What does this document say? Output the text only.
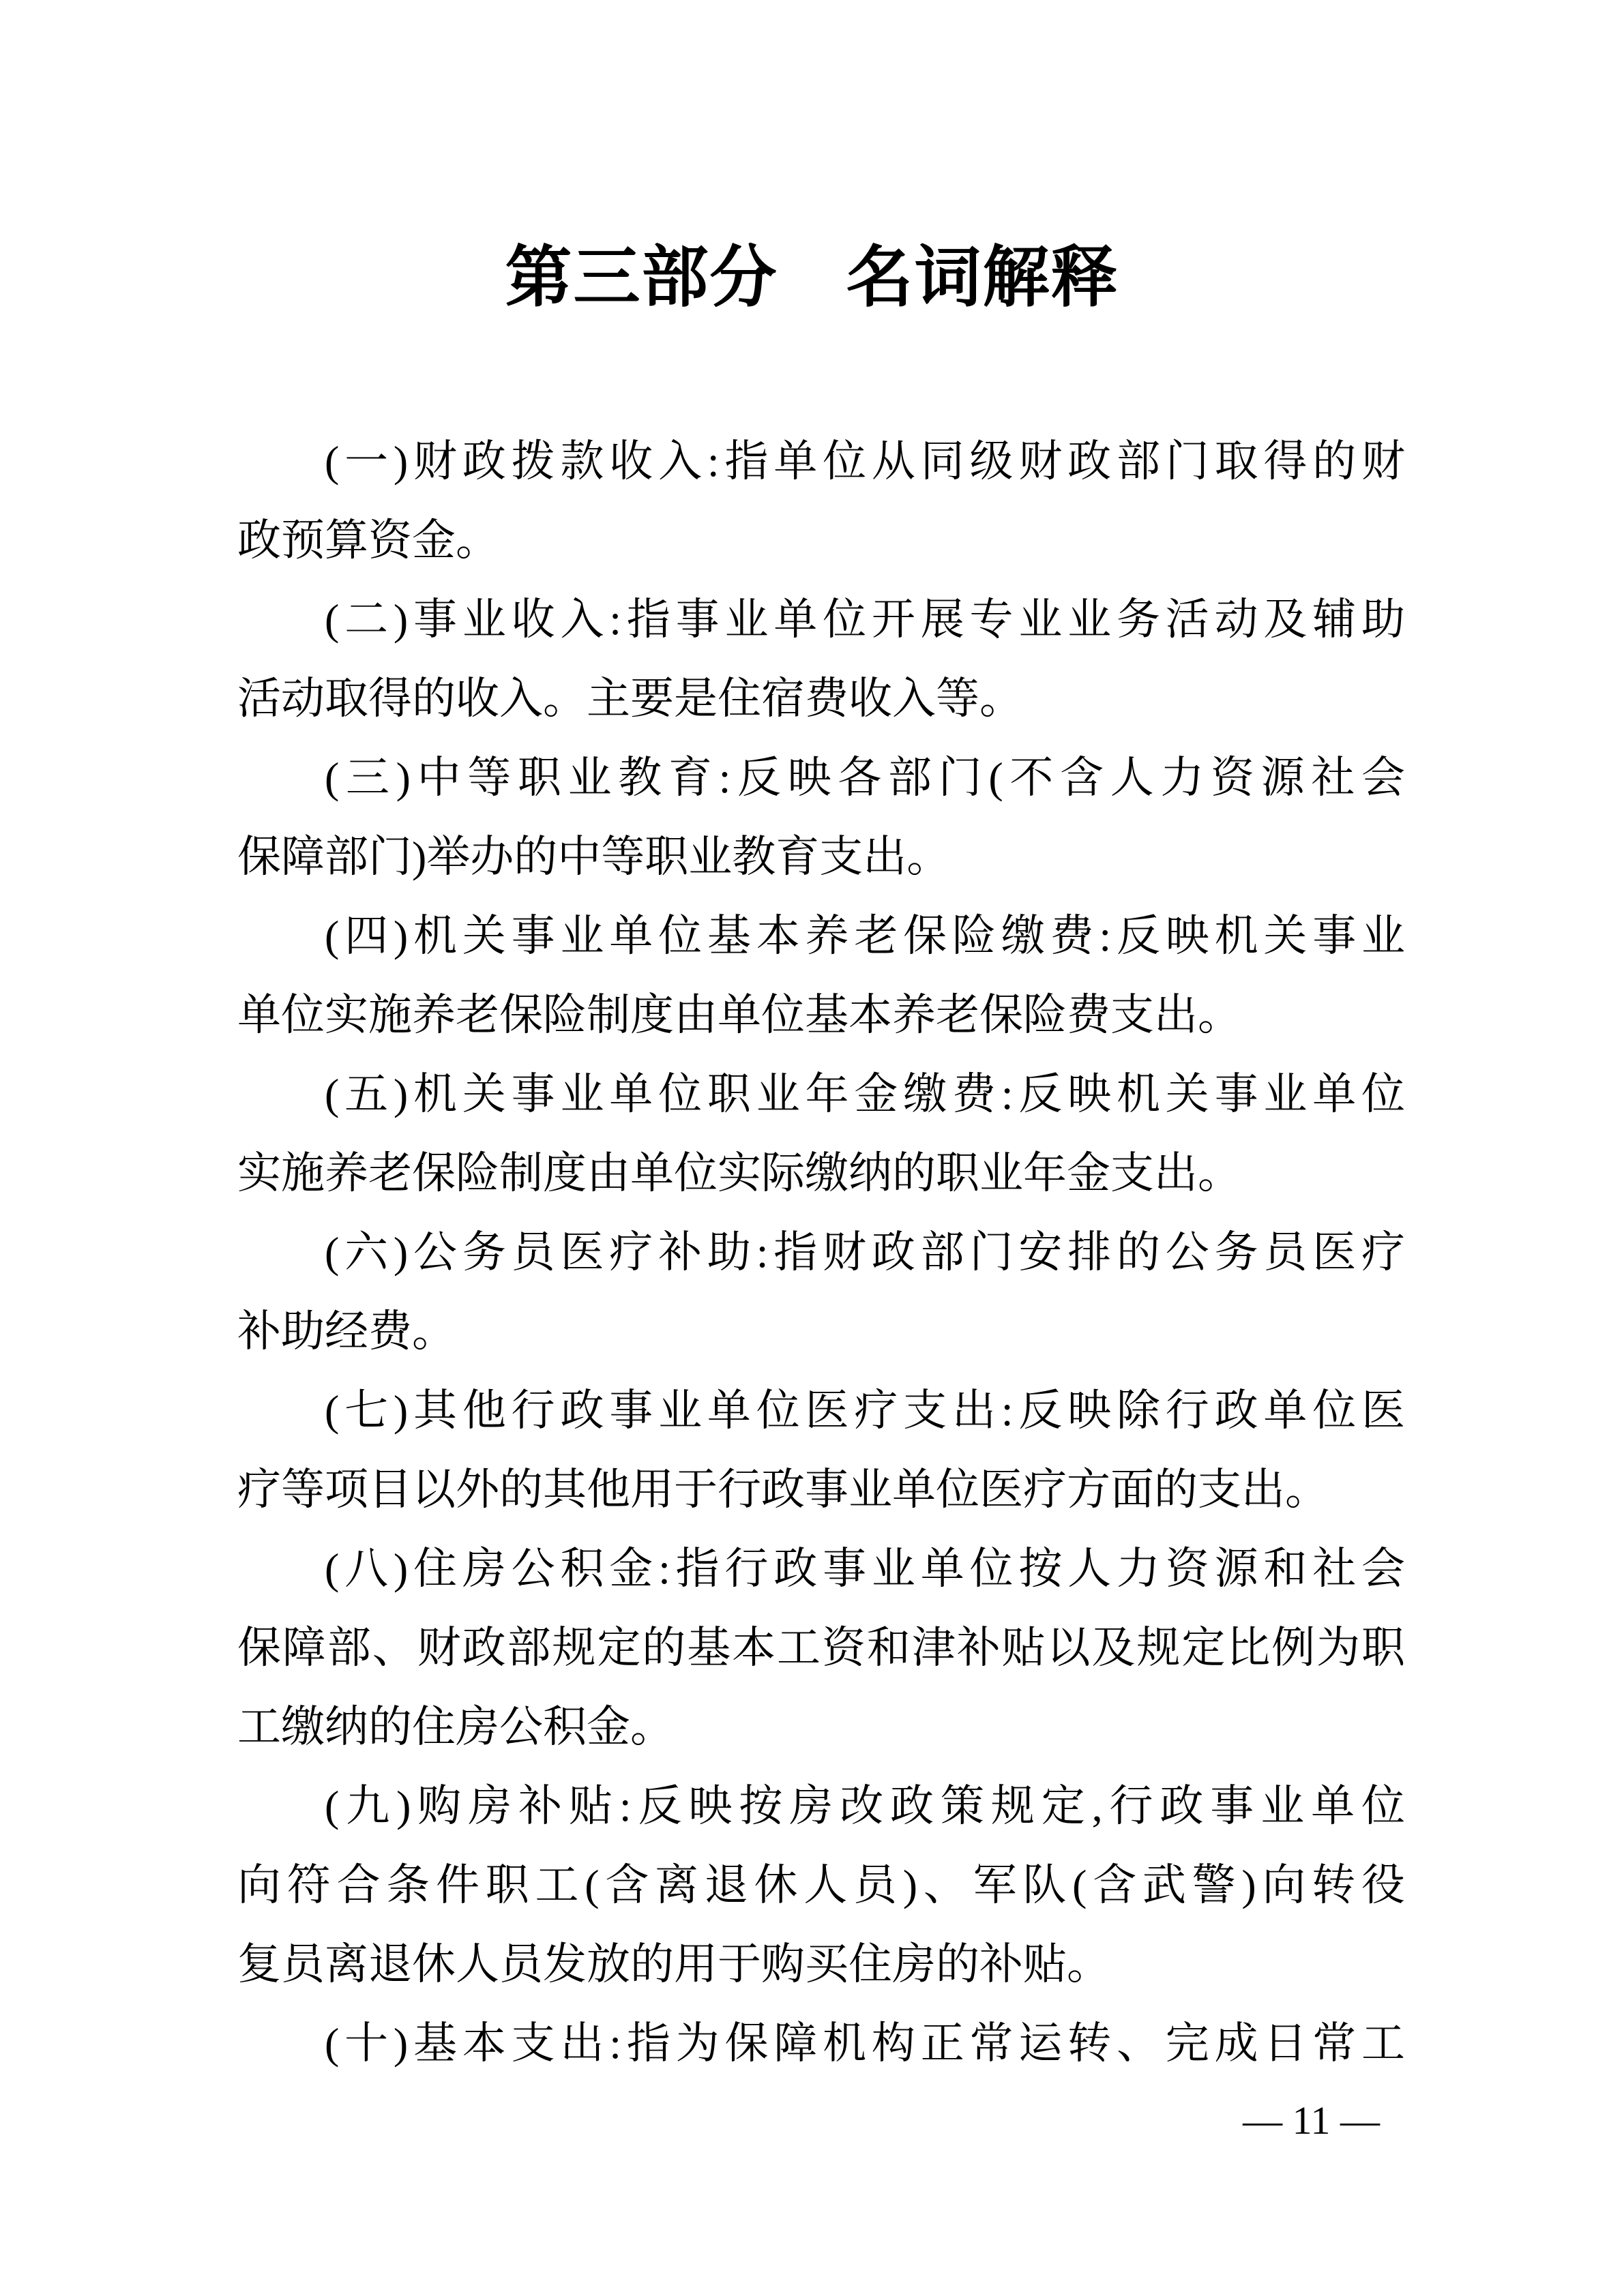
第三部分　名词解释
(一)财政拨款收入:指单位从同级财政部门取得的财
政预算资金。
(二)事业收入:指事业单位开展专业业务活动及辅助
活动取得的收入。主要是住宿费收入等。
(三)中等职业教育:反映各部门(不含人力资源社会
保障部门)举办的中等职业教育支出。
(四)机关事业单位基本养老保险缴费:反映机关事业
单位实施养老保险制度由单位基本养老保险费支出。
(五)机关事业单位职业年金缴费:反映机关事业单位
实施养老保险制度由单位实际缴纳的职业年金支出。
(六)公务员医疗补助:指财政部门安排的公务员医疗
补助经费。
(七)其他行政事业单位医疗支出:反映除行政单位医
疗等项目以外的其他用于行政事业单位医疗方面的支出。
(八)住房公积金:指行政事业单位按人力资源和社会
保障部、财政部规定的基本工资和津补贴以及规定比例为职
工缴纳的住房公积金。
(九)购房补贴:反映按房改政策规定,行政事业单位
向符合条件职工(含离退休人员)、军队(含武警)向转役
复员离退休人员发放的用于购买住房的补贴。
(十)基本支出:指为保障机构正常运转、完成日常工
— 11 —
